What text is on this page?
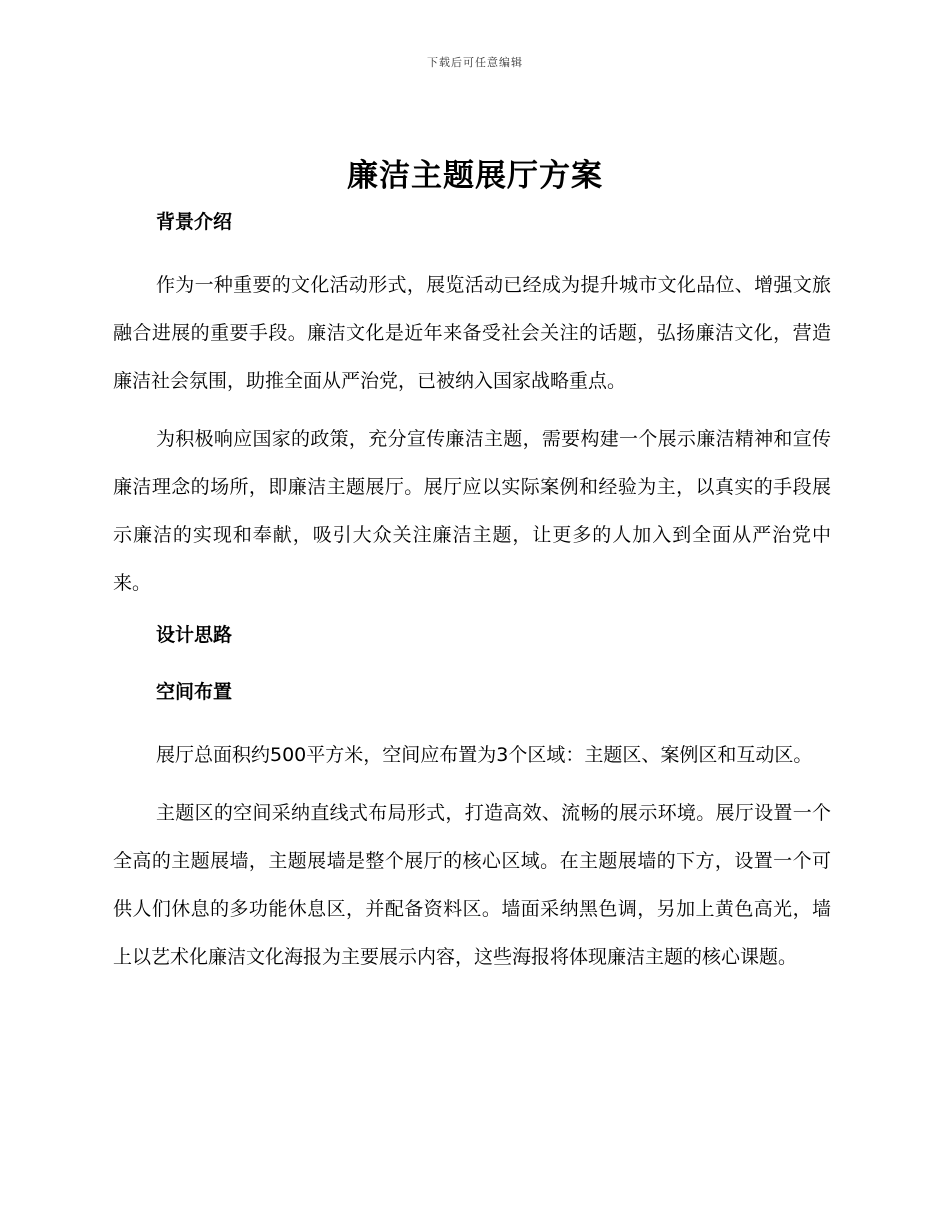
下载后可任意编辑
廉洁主题展厅方案
背景介绍

作为一种重要的文化活动形式，展览活动已经成为提升城市文化品位、增强文旅融合进展的重要手段。廉洁文化是近年来备受社会关注的话题，弘扬廉洁文化，营造廉洁社会氛围，助推全面从严治党，已被纳入国家战略重点。

为积极响应国家的政策，充分宣传廉洁主题，需要构建一个展示廉洁精神和宣传廉洁理念的场所，即廉洁主题展厅。展厅应以实际案例和经验为主，以真实的手段展示廉洁的实现和奉献，吸引大众关注廉洁主题，让更多的人加入到全面从严治党中来。

设计思路
空间布置

展厅总面积约500平方米，空间应布置为3个区域：主题区、案例区和互动区。

主题区的空间采纳直线式布局形式，打造高效、流畅的展示环境。展厅设置一个全高的主题展墙，主题展墙是整个展厅的核心区域。在主题展墙的下方，设置一个可供人们休息的多功能休息区，并配备资料区。墙面采纳黑色调，另加上黄色高光，墙上以艺术化廉洁文化海报为主要展示内容，这些海报将体现廉洁主题的核心课题。
